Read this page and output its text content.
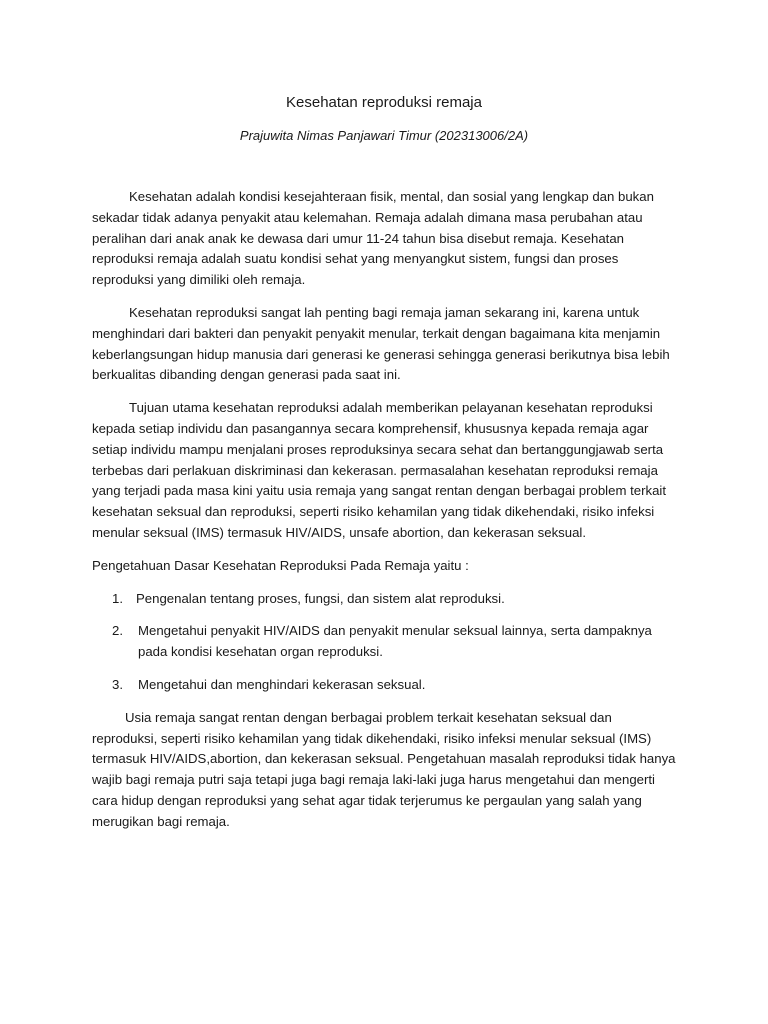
Kesehatan reproduksi remaja

Prajuwita Nimas Panjawari Timur (202313006/2A)

Kesehatan adalah kondisi kesejahteraan fisik, mental, dan sosial yang lengkap dan bukan sekadar tidak adanya penyakit atau kelemahan. Remaja adalah dimana masa perubahan atau peralihan dari anak anak ke dewasa dari umur 11-24 tahun bisa disebut remaja. Kesehatan reproduksi remaja adalah suatu kondisi sehat yang menyangkut sistem, fungsi dan proses reproduksi yang dimiliki oleh remaja.

Kesehatan reproduksi sangat lah penting bagi remaja jaman sekarang ini, karena untuk menghindari dari bakteri dan penyakit penyakit menular, terkait dengan bagaimana kita menjamin keberlangsungan hidup manusia dari generasi ke generasi sehingga generasi berikutnya bisa lebih berkualitas dibanding dengan generasi pada saat ini.

Tujuan utama kesehatan reproduksi adalah memberikan pelayanan kesehatan reproduksi kepada setiap individu dan pasangannya secara komprehensif, khususnya kepada remaja agar setiap individu mampu menjalani proses reproduksinya secara sehat dan bertanggungjawab serta terbebas dari perlakuan diskriminasi dan kekerasan. permasalahan kesehatan reproduksi remaja yang terjadi pada masa kini yaitu usia remaja yang sangat rentan dengan berbagai problem terkait kesehatan seksual dan reproduksi, seperti risiko kehamilan yang tidak dikehendaki, risiko infeksi menular seksual (IMS) termasuk HIV/AIDS, unsafe abortion, dan kekerasan seksual.

Pengetahuan Dasar Kesehatan Reproduksi Pada Remaja yaitu :

1. Pengenalan tentang proses, fungsi, dan sistem alat reproduksi.
2.	Mengetahui penyakit HIV/AIDS dan penyakit menular seksual lainnya, serta dampaknya pada kondisi kesehatan organ reproduksi.
3.	Mengetahui dan menghindari kekerasan seksual.

Usia remaja sangat rentan dengan berbagai problem terkait kesehatan seksual dan reproduksi, seperti risiko kehamilan yang tidak dikehendaki, risiko infeksi menular seksual (IMS) termasuk HIV/AIDS,abortion, dan kekerasan seksual. Pengetahuan masalah reproduksi tidak hanya wajib bagi remaja putri saja tetapi juga bagi remaja laki-laki juga harus mengetahui dan mengerti cara hidup dengan reproduksi yang sehat agar tidak terjerumus ke pergaulan yang salah yang merugikan bagi remaja.
